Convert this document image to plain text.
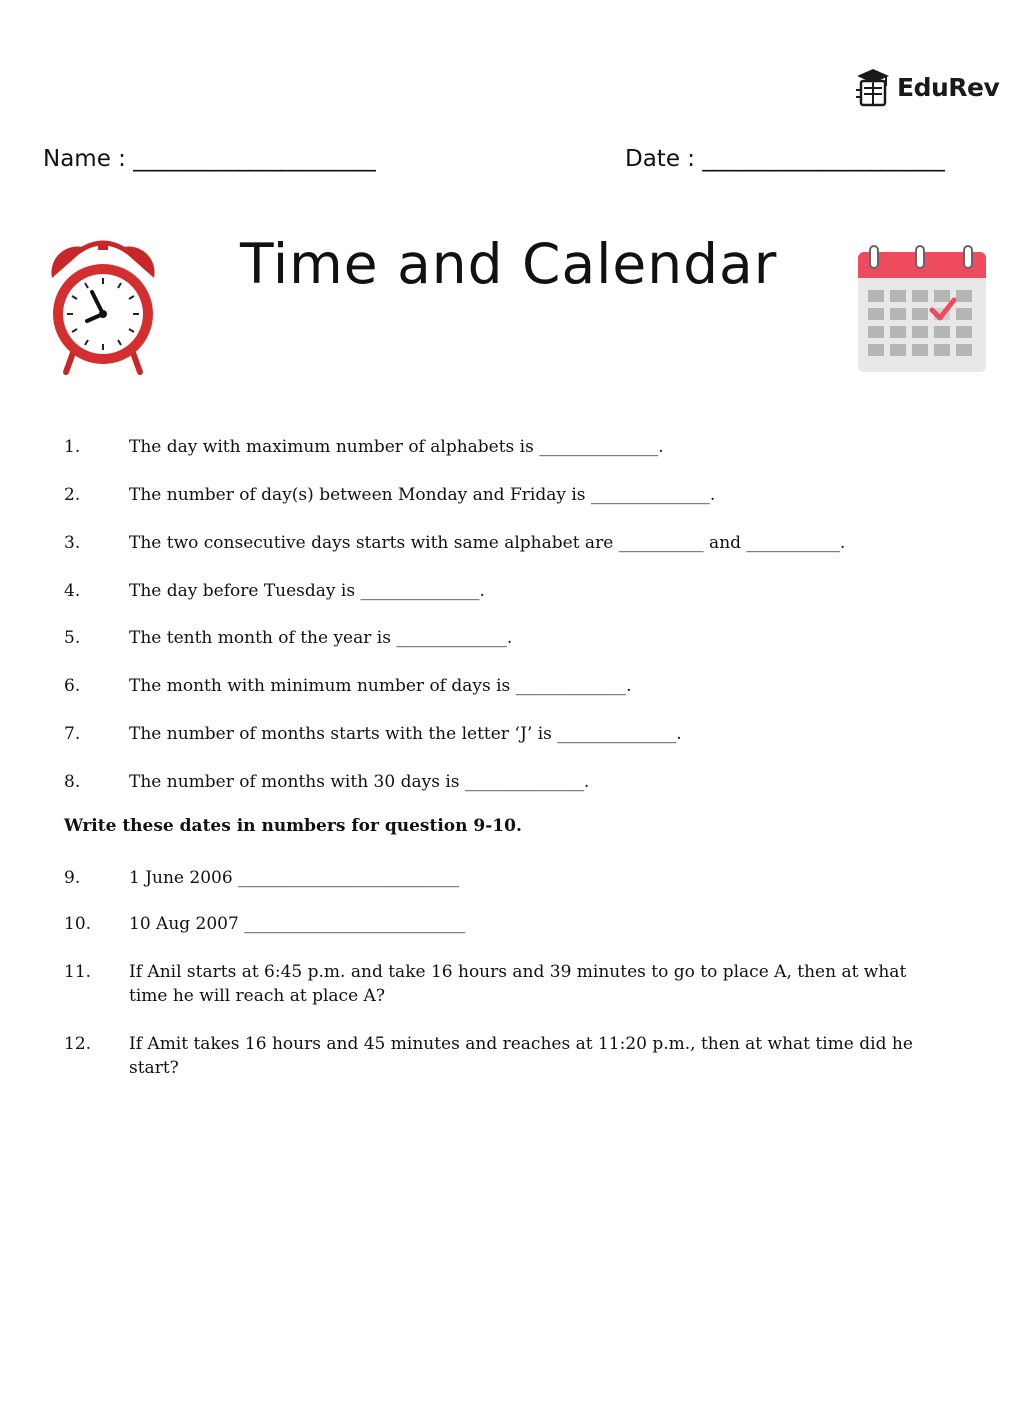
EduRev
Name : _______________________	Date : _______________________
Time and Calendar
1.	The day with maximum number of alphabets is ______________.
2.	The number of day(s) between Monday and Friday is ______________.
3.	The two consecutive days starts with same alphabet are __________ and ___________.
4.	The day before Tuesday is ______________.
5.	The tenth month of the year is _____________.
6.	The month with minimum number of days is _____________.
7.	The number of months starts with the letter ‘J’ is ______________.
8.	The number of months with 30 days is ______________.
Write these dates in numbers for question 9-10.
9.	1 June 2006 __________________________
10.	10 Aug 2007 __________________________
11.	If Anil starts at 6:45 p.m. and take 16 hours and 39 minutes to go to place A, then at what time he will reach at place A?
12.	If Amit takes 16 hours and 45 minutes and reaches at 11:20 p.m., then at what time did he start?
